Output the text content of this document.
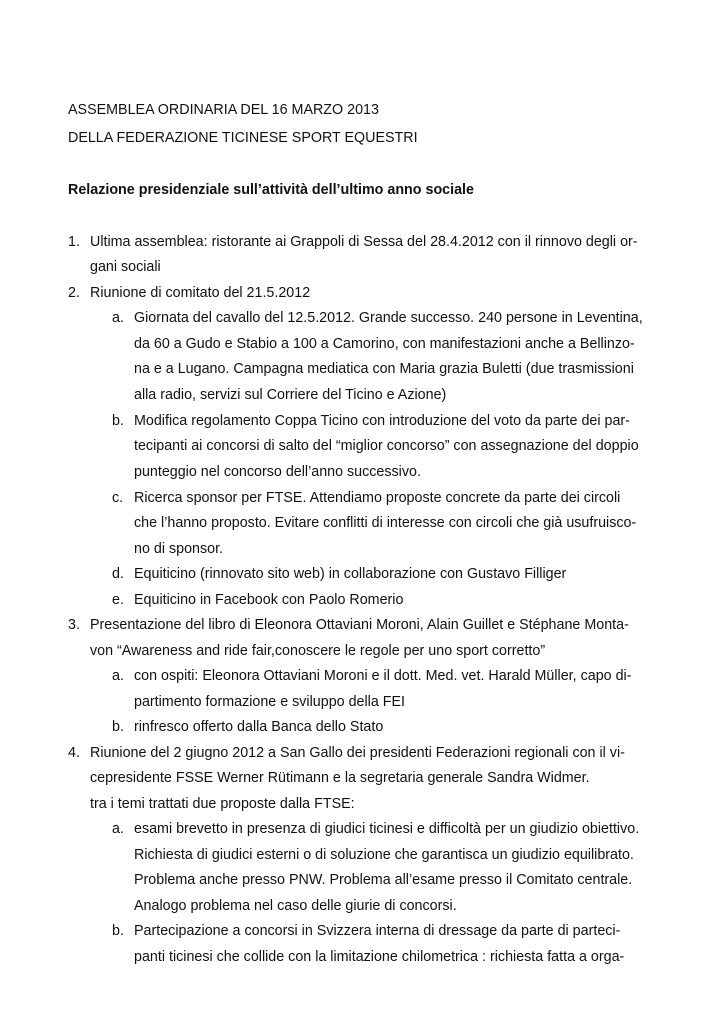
ASSEMBLEA ORDINARIA DEL 16 MARZO 2013
DELLA FEDERAZIONE TICINESE SPORT EQUESTRI
Relazione presidenziale sull’attività dell’ultimo anno sociale
1. Ultima assemblea: ristorante ai Grappoli di Sessa del 28.4.2012 con il rinnovo degli or-
gani sociali
2. Riunione di comitato del 21.5.2012
a. Giornata del cavallo del 12.5.2012. Grande successo. 240 persone in Leventina,
da 60 a Gudo e Stabio a 100 a Camorino, con manifestazioni anche a Bellinzo-
na e a Lugano. Campagna mediatica con Maria grazia Buletti (due trasmissioni
alla radio, servizi sul Corriere del Ticino e Azione)
b. Modifica regolamento Coppa Ticino con introduzione del voto da parte dei par-
tecipanti ai concorsi di salto del “miglior concorso” con assegnazione del doppio
punteggio nel concorso dell’anno successivo.
c. Ricerca sponsor per FTSE. Attendiamo proposte concrete da parte dei circoli
che l’hanno proposto. Evitare conflitti di interesse con circoli che già usufruisco-
no di sponsor.
d. Equiticino (rinnovato sito web) in collaborazione con Gustavo Filliger
e. Equiticino in Facebook con Paolo Romerio
3. Presentazione del libro di Eleonora Ottaviani Moroni, Alain Guillet e Stéphane Monta-
von “Awareness and ride fair,conoscere le regole per uno sport corretto”
a. con ospiti: Eleonora Ottaviani Moroni e il dott. Med. vet. Harald Müller, capo di-
partimento formazione e sviluppo della FEI
b. rinfresco offerto dalla Banca dello Stato
4. Riunione del 2 giugno 2012 a San Gallo dei presidenti Federazioni regionali con il vi-
cepresidente FSSE Werner Rütimann e la segretaria generale Sandra Widmer.
tra i temi trattati due proposte dalla FTSE:
a. esami brevetto in presenza di giudici ticinesi e difficoltà per un giudizio obiettivo.
Richiesta di giudici esterni o di soluzione che garantisca un giudizio equilibrato.
Problema anche presso PNW. Problema all’esame presso il Comitato centrale.
Analogo problema nel caso delle giurie di concorsi.
b. Partecipazione a concorsi in Svizzera interna di dressage da parte di parteci-
panti ticinesi che collide con la limitazione chilometrica : richiesta fatta a orga-
